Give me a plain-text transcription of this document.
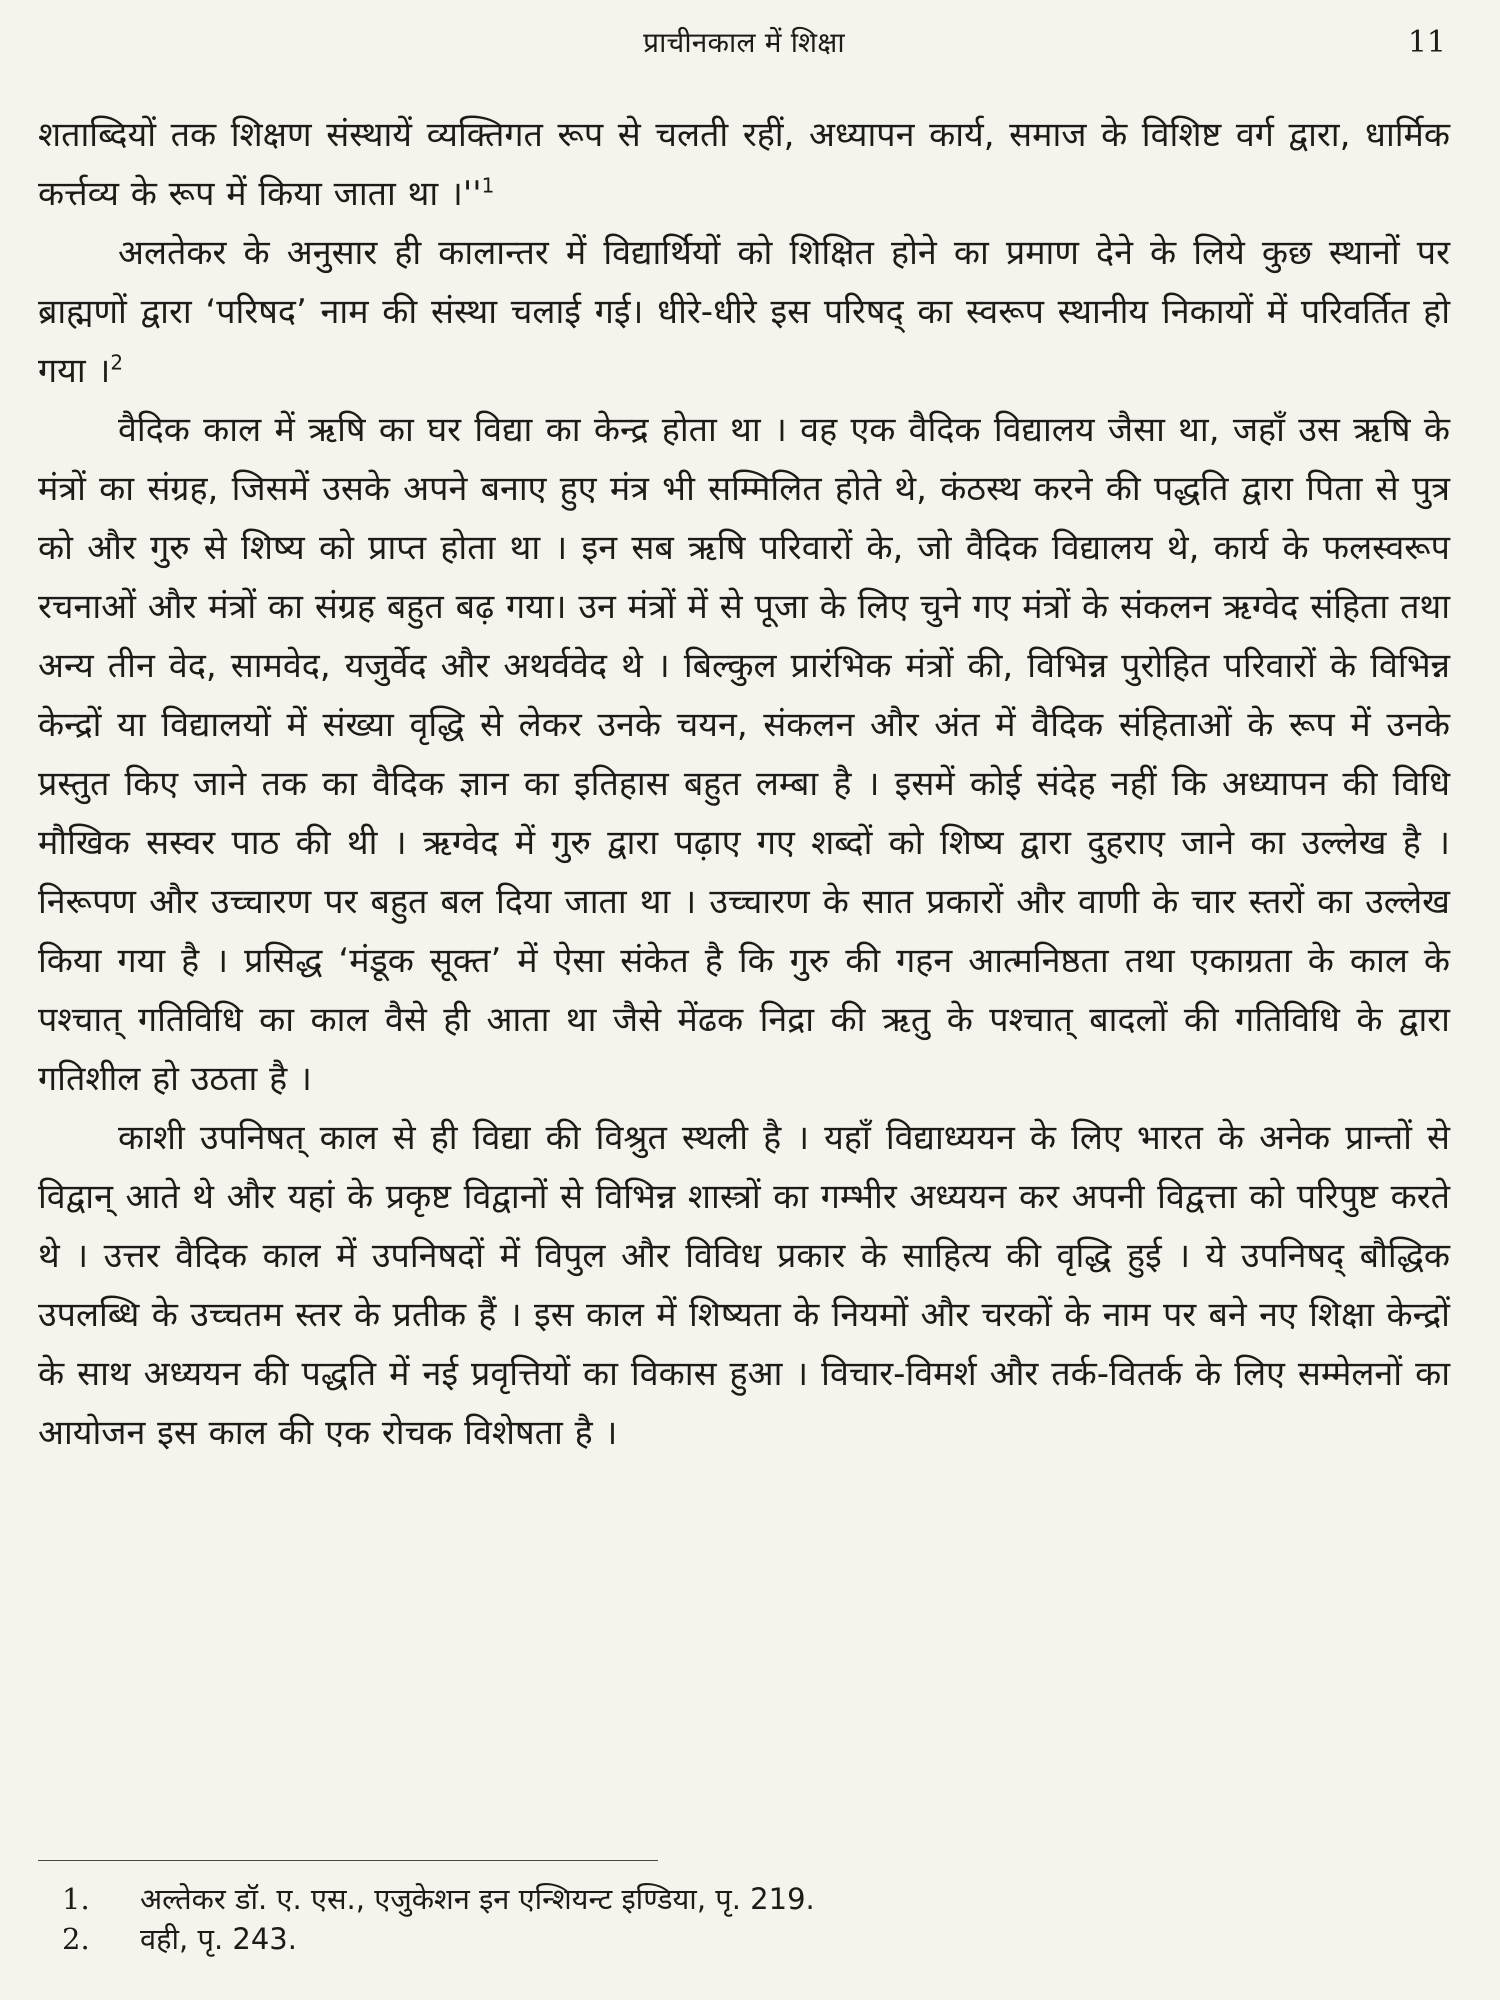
प्राचीनकाल में शिक्षा	11

शताब्दियों तक शिक्षण संस्थायें व्यक्तिगत रूप से चलती रहीं, अध्यापन कार्य, समाज के विशिष्ट वर्ग द्वारा, धार्मिक कर्त्तव्य के रूप में किया जाता था $।''^1$

अलतेकर के अनुसार ही कालान्तर में विद्यार्थियों को शिक्षित होने का प्रमाण देने के लिये कुछ स्थानों पर ब्राह्मणों द्वारा ‘परिषद’ नाम की संस्था चलाई गई। धीरे-धीरे इस परिषद् का स्वरूप स्थानीय निकायों में परिवर्तित हो गया ।$^2$

वैदिक काल में ऋषि का घर विद्या का केन्द्र होता था । वह एक वैदिक विद्यालय जैसा था, जहाँ उस ऋषि के मंत्रों का संग्रह, जिसमें उसके अपने बनाए हुए मंत्र भी सम्मिलित होते थे, कंठस्थ करने की पद्धति द्वारा पिता से पुत्र को और गुरु से शिष्य को प्राप्त होता था । इन सब ऋषि परिवारों के, जो वैदिक विद्यालय थे, कार्य के फलस्वरूप रचनाओं और मंत्रों का संग्रह बहुत बढ़ गया। उन मंत्रों में से पूजा के लिए चुने गए मंत्रों के संकलन ऋग्वेद संहिता तथा अन्य तीन वेद, सामवेद, यजुर्वेद और अथर्ववेद थे । बिल्कुल प्रारंभिक मंत्रों की, विभिन्न पुरोहित परिवारों के विभिन्न केन्द्रों या विद्यालयों में संख्या वृद्धि से लेकर उनके चयन, संकलन और अंत में वैदिक संहिताओं के रूप में उनके प्रस्तुत किए जाने तक का वैदिक ज्ञान का इतिहास बहुत लम्बा है । इसमें कोई संदेह नहीं कि अध्यापन की विधि मौखिक सस्वर पाठ की थी । ऋग्वेद में गुरु द्वारा पढ़ाए गए शब्दों को शिष्य द्वारा दुहराए जाने का उल्लेख है । निरूपण और उच्चारण पर बहुत बल दिया जाता था । उच्चारण के सात प्रकारों और वाणी के चार स्तरों का उल्लेख किया गया है । प्रसिद्ध ‘मंडूक सूक्त’ में ऐसा संकेत है कि गुरु की गहन आत्मनिष्ठता तथा एकाग्रता के काल के पश्चात् गतिविधि का काल वैसे ही आता था जैसे मेंढक निद्रा की ऋतु के पश्चात् बादलों की गतिविधि के द्वारा गतिशील हो उठता है ।

काशी उपनिषत् काल से ही विद्या की विश्रुत स्थली है । यहाँ विद्याध्ययन के लिए भारत के अनेक प्रान्तों से विद्वान् आते थे और यहां के प्रकृष्ट विद्वानों से विभिन्न शास्त्रों का गम्भीर अध्ययन कर अपनी विद्वत्ता को परिपुष्ट करते थे । उत्तर वैदिक काल में उपनिषदों में विपुल और विविध प्रकार के साहित्य की वृद्धि हुई । ये उपनिषद् बौद्धिक उपलब्धि के उच्चतम स्तर के प्रतीक हैं । इस काल में शिष्यता के नियमों और चरकों के नाम पर बने नए शिक्षा केन्द्रों के साथ अध्ययन की पद्धति में नई प्रवृत्तियों का विकास हुआ । विचार-विमर्श और तर्क-वितर्क के लिए सम्मेलनों का आयोजन इस काल की एक रोचक विशेषता है ।

1.	अल्तेकर डॉ. ए. एस., एजुकेशन इन एन्शियन्ट इण्डिया, पृ. 219.
2.	वही, पृ. 243.
